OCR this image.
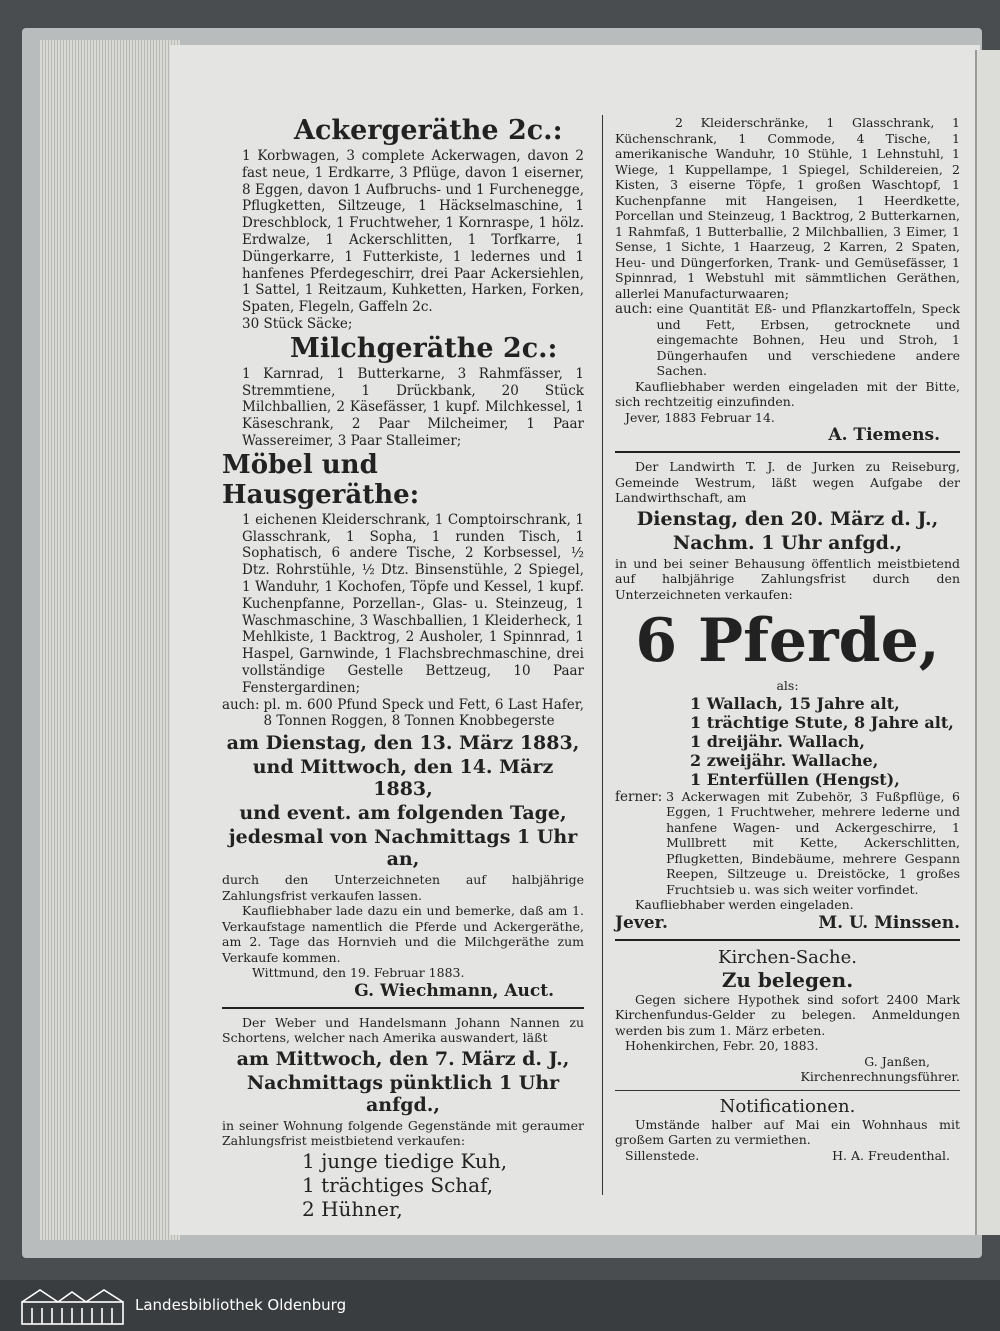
Ackergeräthe 2c.:

1 Korbwagen, 3 complete Ackerwagen, davon 2 fast neue, 1 Erdkarre, 3 Pflüge, davon 1 eiserner, 8 Eggen, davon 1 Aufbruchs- und 1 Furchenegge, Pflugketten, Siltzeuge, 1 Häckselmaschine, 1 Dreschblock, 1 Fruchtweher, 1 Kornraspe, 1 hölz. Erdwalze, 1 Ackerschlitten, 1 Torfkarre, 1 Düngerkarre, 1 Futterkiste, 1 ledernes und 1 hanfenes Pferdegeschirr, drei Paar Ackersiehlen, 1 Sattel, 1 Reitzaum, Kuhketten, Harken, Forken, Spaten, Flegeln, Gaffeln 2c.

30 Stück Säcke;

Milchgeräthe 2c.:

1 Karnrad, 1 Butterkarne, 3 Rahmfässer, 1 Stremmtiene, 1 Drückbank, 20 Stück Milchballien, 2 Käsefässer, 1 kupf. Milchkessel, 1 Käseschrank, 2 Paar Milcheimer, 1 Paar Wassereimer, 3 Paar Stalleimer;

Möbel und Hausgeräthe:

1 eichenen Kleiderschrank, 1 Comptoirschrank, 1 Glasschrank, 1 Sopha, 1 runden Tisch, 1 Sophatisch, 6 andere Tische, 2 Korbsessel, ½ Dtz. Rohrstühle, ½ Dtz. Binsenstühle, 2 Spiegel, 1 Wanduhr, 1 Kochofen, Töpfe und Kessel, 1 kupf. Kuchenpfanne, Porzellan-, Glas- u. Steinzeug, 1 Waschmaschine, 3 Waschballien, 1 Kleiderheck, 1 Mehlkiste, 1 Backtrog, 2 Ausholer, 1 Spinnrad, 1 Haspel, Garnwinde, 1 Flachsbrechmaschine, drei vollständige Gestelle Bettzeug, 10 Paar Fenstergardinen;

auch: pl. m. 600 Pfund Speck und Fett, 6 Last Hafer, 8 Tonnen Roggen, 8 Tonnen Knobbegerste

am Dienstag, den 13. März 1883,
und Mittwoch, den 14. März 1883,
und event. am folgenden Tage,
jedesmal von Nachmittags 1 Uhr an,

durch den Unterzeichneten auf halbjährige Zahlungsfrist verkaufen lassen.

Kaufliebhaber lade dazu ein und bemerke, daß am 1. Verkaufstage namentlich die Pferde und Ackergeräthe, am 2. Tage das Hornvieh und die Milchgeräthe zum Verkaufe kommen.

Wittmund, den 19. Februar 1883.

G. Wiechmann, Auct.

Der Weber und Handelsmann Johann Nannen zu Schortens, welcher nach Amerika auswandert, läßt

am Mittwoch, den 7. März d. J.,
Nachmittags pünktlich 1 Uhr anfgd.,

in seiner Wohnung folgende Gegenstände mit geraumer Zahlungsfrist meistbietend verkaufen:

1 junge tiedige Kuh,
1 trächtiges Schaf,
2 Hühner,

2 Kleiderschränke, 1 Glasschrank, 1 Küchenschrank, 1 Commode, 4 Tische, 1 amerikanische Wanduhr, 10 Stühle, 1 Lehnstuhl, 1 Wiege, 1 Kuppellampe, 1 Spiegel, Schildereien, 2 Kisten, 3 eiserne Töpfe, 1 großen Waschtopf, 1 Kuchenpfanne mit Hangeisen, 1 Heerdkette, Porcellan und Steinzeug, 1 Backtrog, 2 Butterkarnen, 1 Rahmfaß, 1 Butterballie, 2 Milchballien, 3 Eimer, 1 Sense, 1 Sichte, 1 Haarzeug, 2 Karren, 2 Spaten, Heu- und Düngerforken, Trank- und Gemüsefässer, 1 Spinnrad, 1 Webstuhl mit sämmtlichen Geräthen, allerlei Manufacturwaaren;

auch: eine Quantität Eß- und Pflanzkartoffeln, Speck und Fett, Erbsen, getrocknete und eingemachte Bohnen, Heu und Stroh, 1 Düngerhaufen und verschiedene andere Sachen.

Kaufliebhaber werden eingeladen mit der Bitte, sich rechtzeitig einzufinden.

Jever, 1883 Februar 14.

A. Tiemens.

Der Landwirth T. J. de Jurken zu Reiseburg, Gemeinde Westrum, läßt wegen Aufgabe der Landwirthschaft, am

Dienstag, den 20. März d. J.,
Nachm. 1 Uhr anfgd.,

in und bei seiner Behausung öffentlich meistbietend auf halbjährige Zahlungsfrist durch den Unterzeichneten verkaufen:

6 Pferde,
als:
1 Wallach, 15 Jahre alt,
1 trächtige Stute, 8 Jahre alt,
1 dreijähr. Wallach,
2 zweijähr. Wallache,
1 Enterfüllen (Hengst),
ferner: 3 Ackerwagen mit Zubehör, 3 Fußpflüge, 6 Eggen, 1 Fruchtweher, mehrere lederne und hanfene Wagen- und Ackergeschirre, 1 Mullbrett mit Kette, Ackerschlitten, Pflugketten, Bindebäume, mehrere Gespann Reepen, Siltzeuge u. Dreistöcke, 1 großes Fruchtsieb u. was sich weiter vorfindet.

Kaufliebhaber werden eingeladen.

Jever.	M. U. Minssen.
Kirchen-Sache.
Zu belegen.

Gegen sichere Hypothek sind sofort 2400 Mark Kirchenfundus-Gelder zu belegen. Anmeldungen werden bis zum 1. März erbeten.

Hohenkirchen, Febr. 20, 1883.

G. Janßen,
Kirchenrechnungsführer.
Notificationen.

Umstände halber auf Mai ein Wohnhaus mit großem Garten zu vermiethen.

Sillenstede.	H. A. Freudenthal.
Landesbibliothek Oldenburg
